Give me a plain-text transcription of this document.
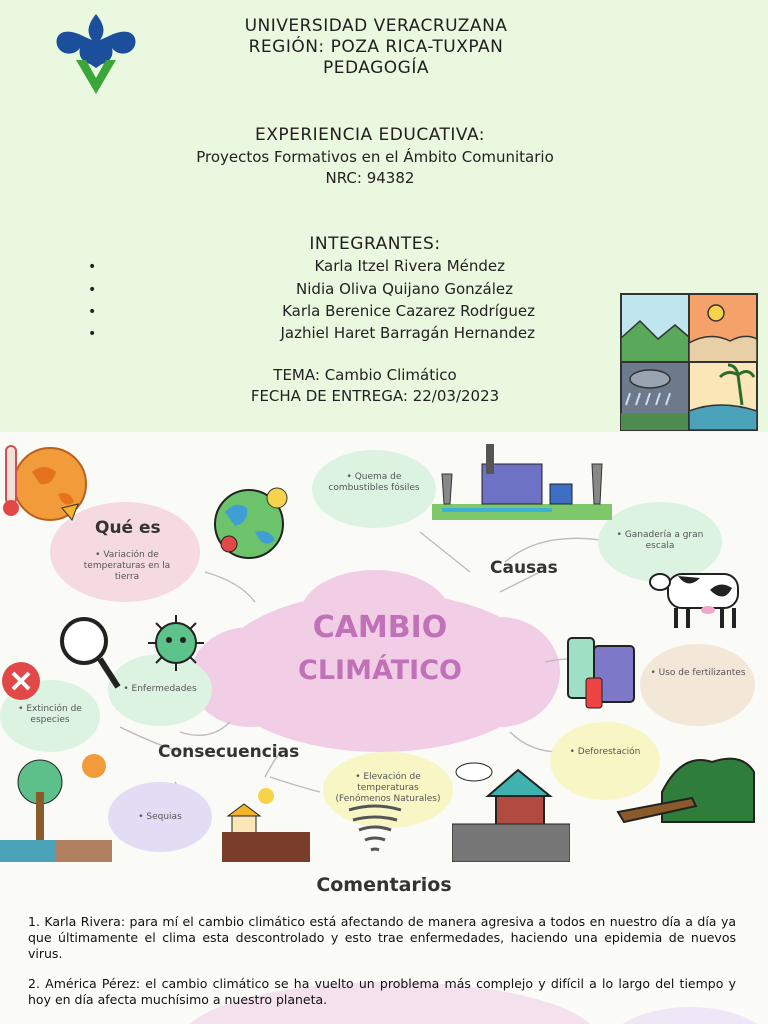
UNIVERSIDAD VERACRUZANA
REGIÓN: POZA RICA-TUXPAN
PEDAGOGÍA
EXPERIENCIA EDUCATIVA:
Proyectos Formativos en el Ámbito Comunitario
NRC: 94382
INTEGRANTES:
•	Karla Itzel Rivera Méndez
•	Nidia Oliva Quijano González
•	Karla Berenice Cazarez Rodríguez
•	Jazhiel Haret Barragán Hernandez
TEMA: Cambio Climático
FECHA DE ENTREGA: 22/03/2023
CAMBIO
CLIMÁTICO
Qué es
• Variación de temperaturas en la tierra	Causas
• Quema de combustibles fósiles
• Ganadería a gran escala
• Uso de fertilizantes
• Deforestación
Consecuencias
• Enfermedades
• Extinción de especies
• Sequias
• Elevación de temperaturas (Fenómenos Naturales)
Comentarios
1. Karla Rivera: para mí el cambio climático está afectando de manera agresiva a todos en nuestro día a día ya que últimamente el clima esta descontrolado y esto trae enfermedades, haciendo una epidemia de nuevos virus.
2. América Pérez: el cambio climático se ha vuelto un problema más complejo y difícil a lo largo del tiempo y hoy en día afecta muchísimo a nuestro planeta.
